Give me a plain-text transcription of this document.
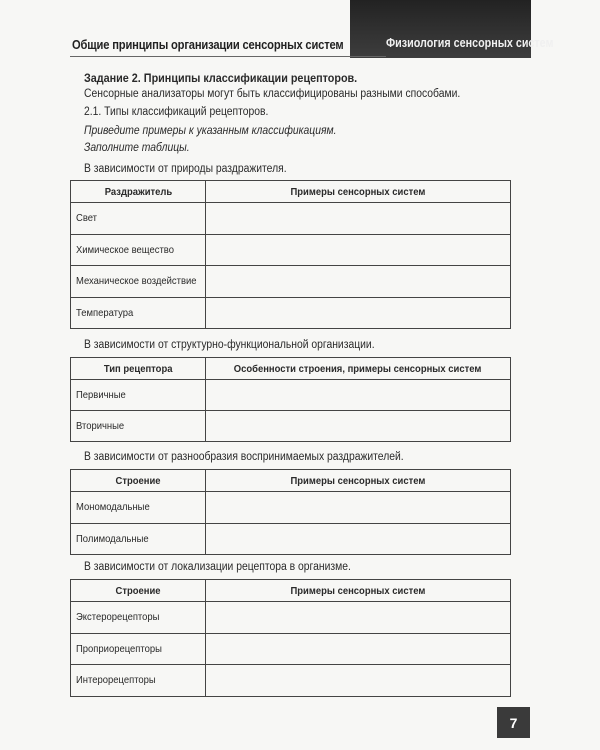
Общие принципы организации сенсорных систем	Физиология сенсорных систем
Задание 2. Принципы классификации рецепторов.
Сенсорные анализаторы могут быть классифицированы разными способами.
2.1. Типы классификаций рецепторов.
Приведите примеры к указанным классификациям.
Заполните таблицы.
В зависимости от природы раздражителя.
Раздражитель	Примеры сенсорных систем
Свет	
Химическое вещество	
Механическое воздействие	
Температура	
В зависимости от структурно-функциональной организации.
Тип рецептора	Особенности строения, примеры сенсорных систем
Первичные	
Вторичные	
В зависимости от разнообразия воспринимаемых раздражителей.
Строение	Примеры сенсорных систем
Мономодальные	
Полимодальные	
В зависимости от локализации рецептора в организме.
Строение	Примеры сенсорных систем
Экстерорецепторы	
Проприорецепторы	
Интерорецепторы	
7
